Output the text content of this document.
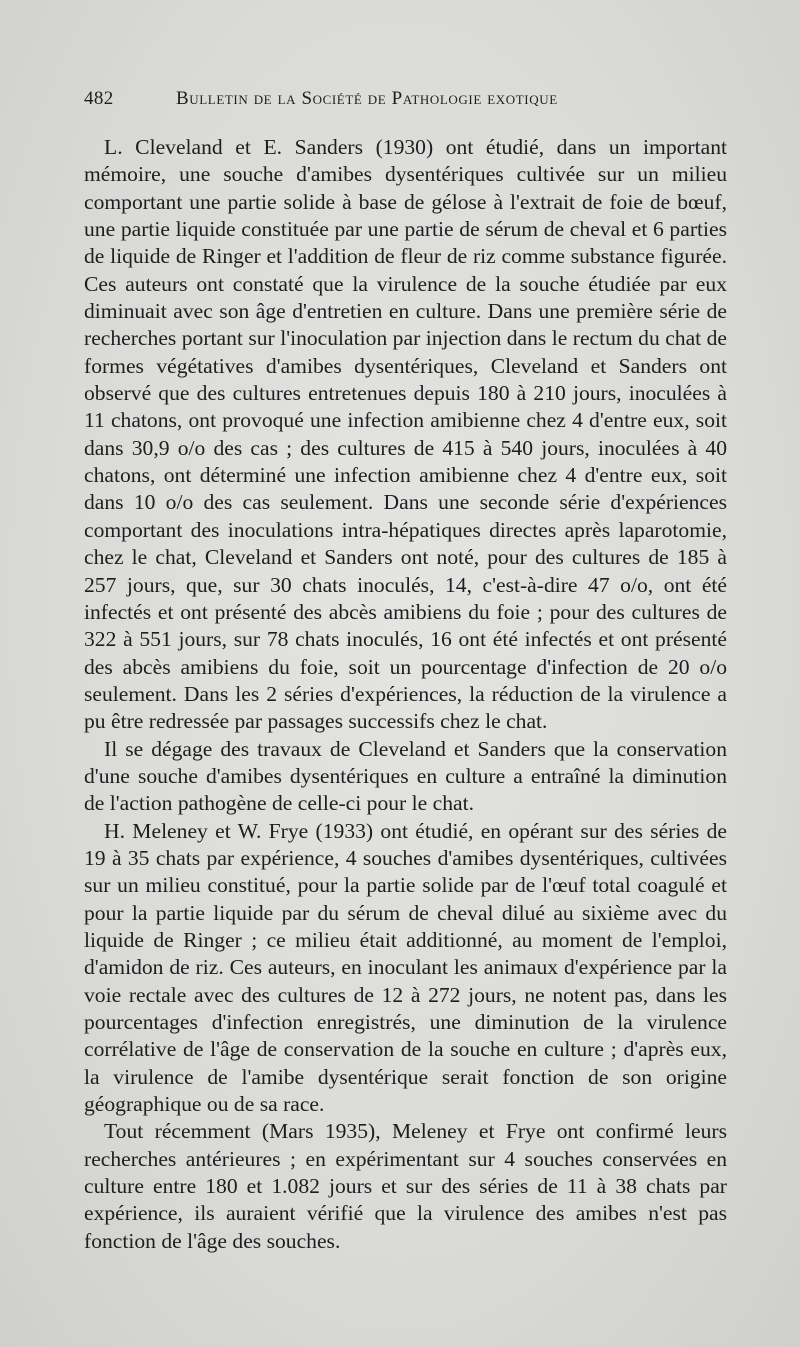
482	Bulletin de la Société de Pathologie exotique

L. Cleveland et E. Sanders (1930) ont étudié, dans un important mémoire, une souche d'amibes dysentériques cultivée sur un milieu comportant une partie solide à base de gélose à l'extrait de foie de bœuf, une partie liquide constituée par une partie de sérum de cheval et 6 parties de liquide de Ringer et l'addition de fleur de riz comme substance figurée. Ces auteurs ont constaté que la virulence de la souche étudiée par eux diminuait avec son âge d'entretien en culture. Dans une première série de recherches portant sur l'inoculation par injection dans le rectum du chat de formes végétatives d'amibes dysentériques, Cleveland et Sanders ont observé que des cultures entretenues depuis 180 à 210 jours, inoculées à 11 chatons, ont provoqué une infection amibienne chez 4 d'entre eux, soit dans 30,9 o/o des cas ; des cultures de 415 à 540 jours, inoculées à 40 chatons, ont déterminé une infection amibienne chez 4 d'entre eux, soit dans 10 o/o des cas seulement. Dans une seconde série d'expériences comportant des inoculations intra-hépatiques directes après laparotomie, chez le chat, Cleveland et Sanders ont noté, pour des cultures de 185 à 257 jours, que, sur 30 chats inoculés, 14, c'est-à-dire 47 o/o, ont été infectés et ont présenté des abcès amibiens du foie ; pour des cultures de 322 à 551 jours, sur 78 chats inoculés, 16 ont été infectés et ont présenté des abcès amibiens du foie, soit un pourcentage d'infection de 20 o/o seulement. Dans les 2 séries d'expériences, la réduction de la virulence a pu être redressée par passages successifs chez le chat.

Il se dégage des travaux de Cleveland et Sanders que la conservation d'une souche d'amibes dysentériques en culture a entraîné la diminution de l'action pathogène de celle-ci pour le chat.

H. Meleney et W. Frye (1933) ont étudié, en opérant sur des séries de 19 à 35 chats par expérience, 4 souches d'amibes dysentériques, cultivées sur un milieu constitué, pour la partie solide par de l'œuf total coagulé et pour la partie liquide par du sérum de cheval dilué au sixième avec du liquide de Ringer ; ce milieu était additionné, au moment de l'emploi, d'amidon de riz. Ces auteurs, en inoculant les animaux d'expérience par la voie rectale avec des cultures de 12 à 272 jours, ne notent pas, dans les pourcentages d'infection enregistrés, une diminution de la virulence corrélative de l'âge de conservation de la souche en culture ; d'après eux, la virulence de l'amibe dysentérique serait fonction de son origine géographique ou de sa race.

Tout récemment (Mars 1935), Meleney et Frye ont confirmé leurs recherches antérieures ; en expérimentant sur 4 souches conservées en culture entre 180 et 1.082 jours et sur des séries de 11 à 38 chats par expérience, ils auraient vérifié que la virulence des amibes n'est pas fonction de l'âge des souches.
